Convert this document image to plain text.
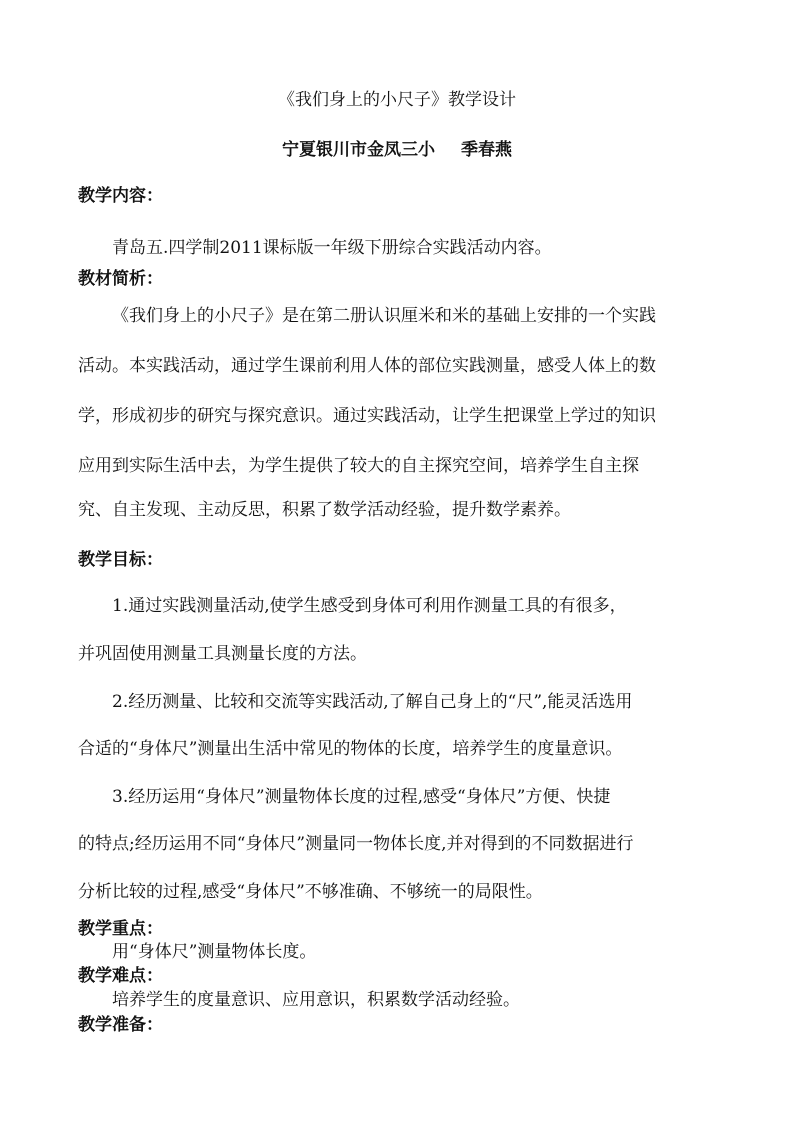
《我们身上的小尺子》教学设计
宁夏银川市金凤三小 季春燕
教学内容：
青岛五.四学制2011课标版一年级下册综合实践活动内容。
教材简析：
《我们身上的小尺子》是在第二册认识厘米和米的基础上安排的一个实践
活动。本实践活动，通过学生课前利用人体的部位实践测量，感受人体上的数
学，形成初步的研究与探究意识。通过实践活动，让学生把课堂上学过的知识
应用到实际生活中去，为学生提供了较大的自主探究空间，培养学生自主探
究、自主发现、主动反思，积累了数学活动经验，提升数学素养。
教学目标：
1.通过实践测量活动,使学生感受到身体可利用作测量工具的有很多，
并巩固使用测量工具测量长度的方法。
2.经历测量、比较和交流等实践活动,了解自己身上的“尺”,能灵活选用
合适的“身体尺”测量出生活中常见的物体的长度，培养学生的度量意识。
3.经历运用“身体尺”测量物体长度的过程,感受“身体尺”方便、快捷
的特点;经历运用不同“身体尺”测量同一物体长度,并对得到的不同数据进行
分析比较的过程,感受“身体尺”不够准确、不够统一的局限性。
教学重点：
用“身体尺”测量物体长度。
教学难点：
培养学生的度量意识、应用意识，积累数学活动经验。
教学准备：
